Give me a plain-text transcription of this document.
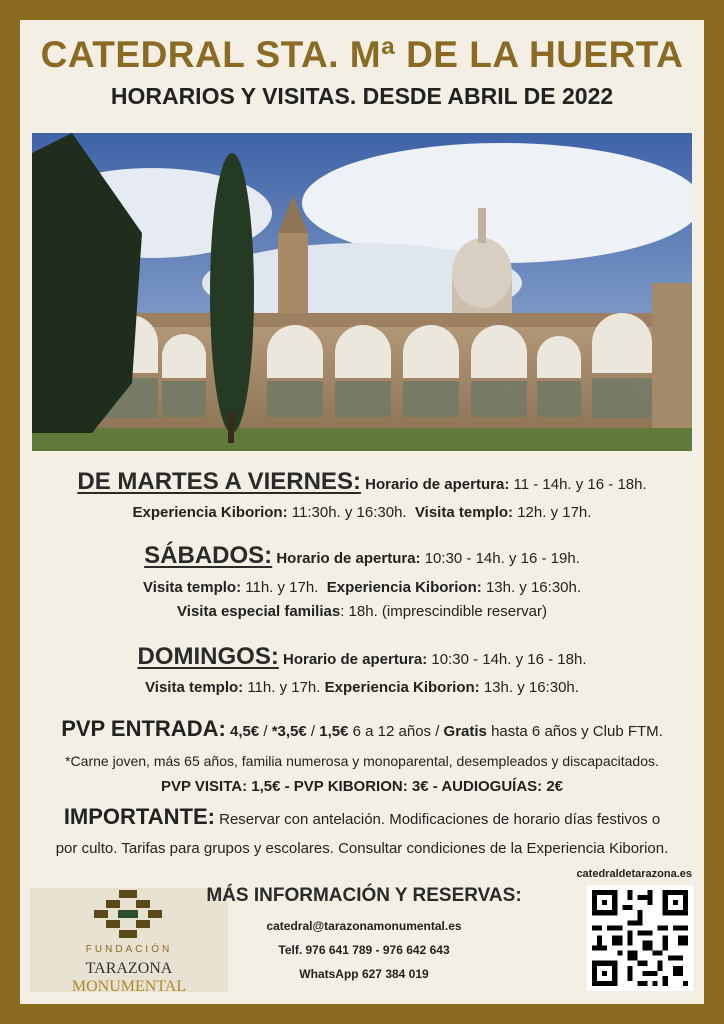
CATEDRAL STA. Mª DE LA HUERTA
HORARIOS Y VISITAS. DESDE ABRIL DE 2022
DE MARTES A VIERNES: Horario de apertura: 11 - 14h. y 16 - 18h.
Experiencia Kiborion: 11:30h. y 16:30h. Visita templo: 12h. y 17h.
SÁBADOS: Horario de apertura: 10:30 - 14h. y 16 - 19h.
Visita templo: 11h. y 17h. Experiencia Kiborion: 13h. y 16:30h.
Visita especial familias: 18h. (imprescindible reservar)
DOMINGOS: Horario de apertura: 10:30 - 14h. y 16 - 18h.
Visita templo: 11h. y 17h. Experiencia Kiborion: 13h. y 16:30h.
PVP ENTRADA: 4,5€ / *3,5€ / 1,5€ 6 a 12 años / Gratis hasta 6 años y Club FTM.
*Carne joven, más 65 años, familia numerosa y monoparental, desempleados y discapacitados.
PVP VISITA: 1,5€ - PVP KIBORION: 3€ - AUDIOGUÍAS: 2€
IMPORTANTE: Reservar con antelación. Modificaciones de horario días festivos o
por culto. Tarifas para grupos y escolares. Consultar condiciones de la Experiencia Kiborion.
catedraldetarazona.es
FUNDACIÓN
TARAZONA MONUMENTAL
MÁS INFORMACIÓN Y RESERVAS:
catedral@tarazonamonumental.es
Telf. 976 641 789 - 976 642 643
WhatsApp 627 384 019
